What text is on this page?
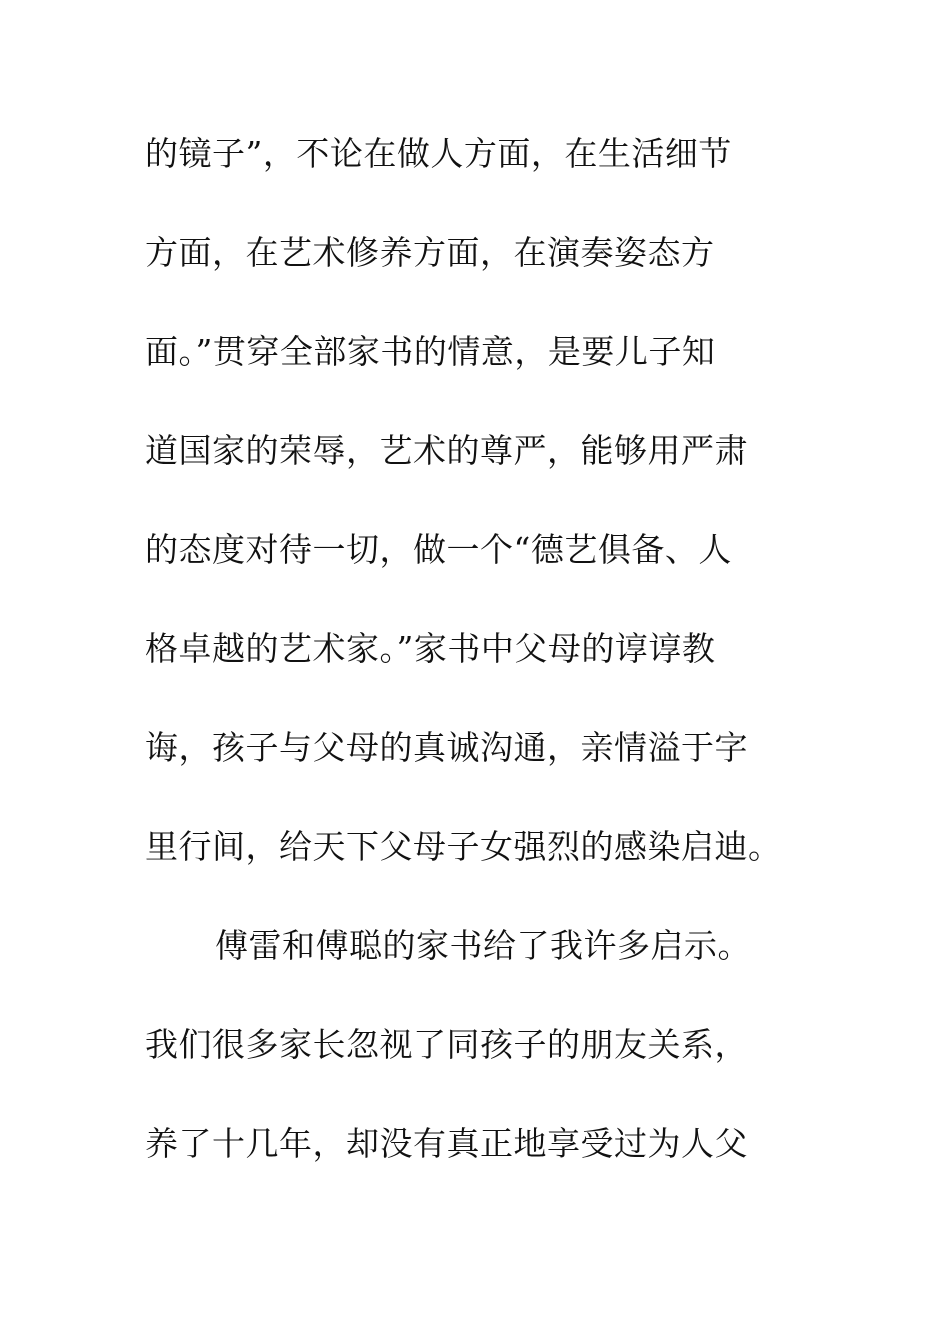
的镜子”，不论在做人方面，在生活细节
方面，在艺术修养方面，在演奏姿态方
面。”贯穿全部家书的情意，是要儿子知
道国家的荣辱，艺术的尊严，能够用严肃
的态度对待一切，做一个“德艺俱备、人
格卓越的艺术家。”家书中父母的谆谆教
诲，孩子与父母的真诚沟通，亲情溢于字
里行间，给天下父母子女强烈的感染启迪。
傅雷和傅聪的家书给了我许多启示。
我们很多家长忽视了同孩子的朋友关系，
养了十几年，却没有真正地享受过为人父
